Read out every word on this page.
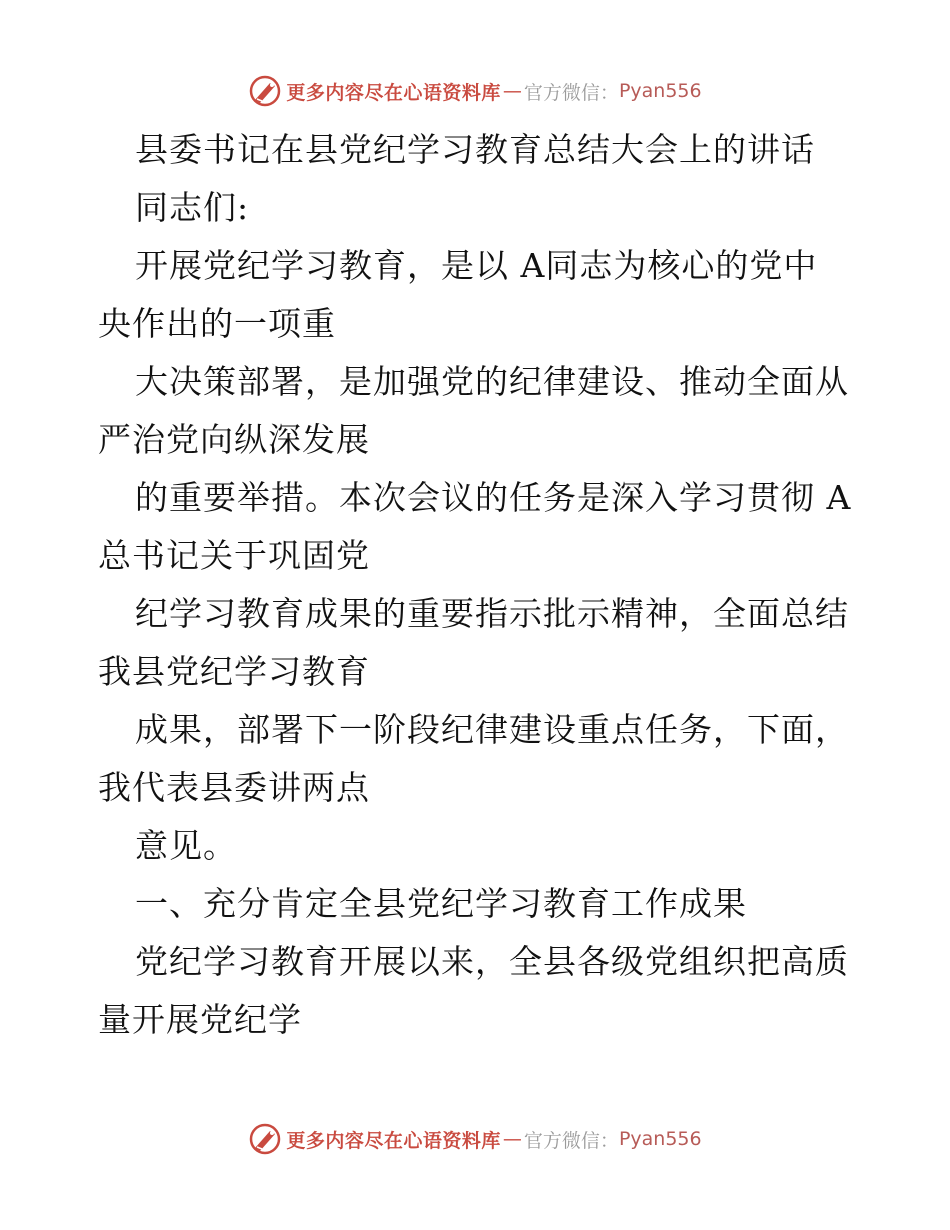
更多内容尽在心语资料库 — 官方微信： Pyan556

县委书记在县党纪学习教育总结大会上的讲话

同志们:

开展党纪学习教育，是以 A同志为核心的党中

央作出的一项重

大决策部署，是加强党的纪律建设、推动全面从

严治党向纵深发展

的重要举措。本次会议的任务是深入学习贯彻 A

总书记关于巩固党

纪学习教育成果的重要指示批示精神，全面总结

我县党纪学习教育

成果，部署下一阶段纪律建设重点任务，下面，

我代表县委讲两点

意见。

一、充分肯定全县党纪学习教育工作成果

党纪学习教育开展以来，全县各级党组织把高质

量开展党纪学

更多内容尽在心语资料库 — 官方微信： Pyan556
